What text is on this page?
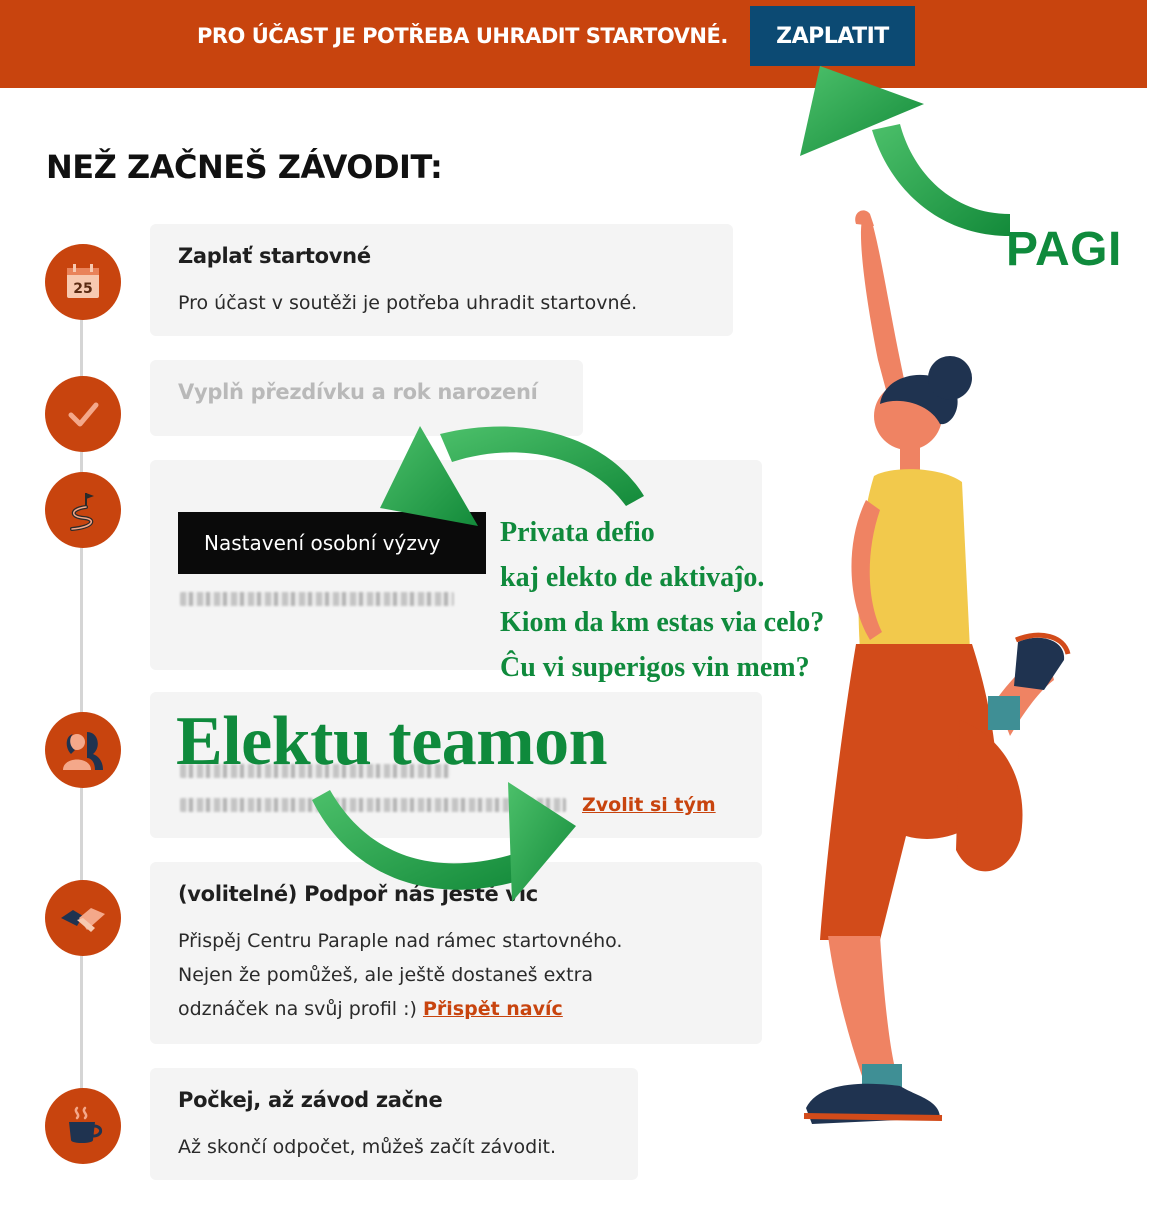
PRO ÚČAST JE POTŘEBA UHRADIT STARTOVNÉ.	ZAPLATIT
NEŽ ZAČNEŠ ZÁVODIT:
25
Zaplať startovné
Pro účast v soutěži je potřeba uhradit startovné.
Vyplň přezdívku a rok narození
Nastavení osobní výzvy
Zvolit si tým
(volitelné) Podpoř nás ještě víc
Přispěj Centru Paraple nad rámec startovného.
Nejen že pomůžeš, ale ještě dostaneš extra
odznáček na svůj profil :) Přispět navíc
Počkej, až závod začne
Až skončí odpočet, můžeš začít závodit.
PAGI
Privata defio
kaj elekto de aktivaĵo.
Kiom da km estas via celo?
Ĉu vi superigos vin mem?
Elektu teamon
